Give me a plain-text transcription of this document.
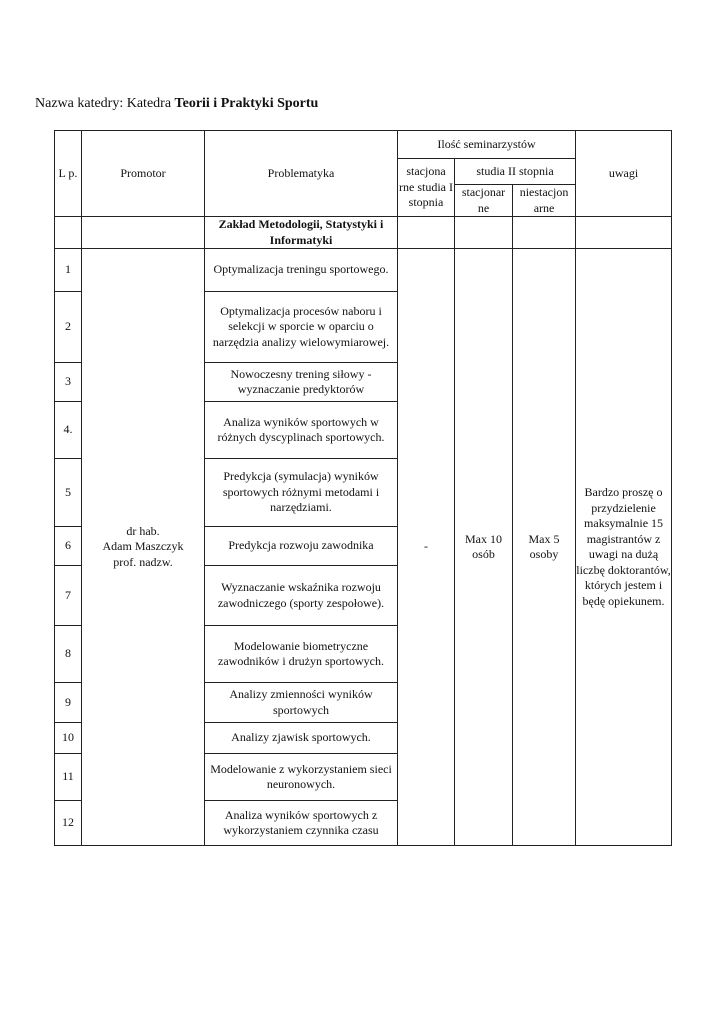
Nazwa katedry: Katedra Teorii i Praktyki Sportu
L p.	Promotor	Problematyka	Ilość seminarzystów			uwagi
			stacjona rne studia I stopnia	studia II stopnia		
				stacjonar ne	niestacjon arne	
		Zakład Metodologii, Statystyki i Informatyki				
1	dr hab.
Adam Maszczyk
prof. nadzw.	Optymalizacja treningu sportowego.	-	Max 10 osób	Max 5 osoby	Bardzo proszę o przydzielenie maksymalnie 15 magistrantów z uwagi na dużą liczbę doktorantów, których jestem i będę opiekunem.
2		Optymalizacja procesów naboru i selekcji w sporcie w oparciu o narzędzia analizy wielowymiarowej.				
3		Nowoczesny trening siłowy - wyznaczanie predyktorów				
4.		Analiza wyników sportowych w różnych dyscyplinach sportowych.				
5		Predykcja (symulacja) wyników sportowych różnymi metodami i narzędziami.				
6		Predykcja rozwoju zawodnika				
7		Wyznaczanie wskaźnika rozwoju zawodniczego (sporty zespołowe).				
8		Modelowanie biometryczne zawodników i drużyn sportowych.				
9		Analizy zmienności wyników sportowych				
10		Analizy zjawisk sportowych.				
11		Modelowanie z wykorzystaniem sieci neuronowych.				
12		Analiza wyników sportowych z wykorzystaniem czynnika czasu				
